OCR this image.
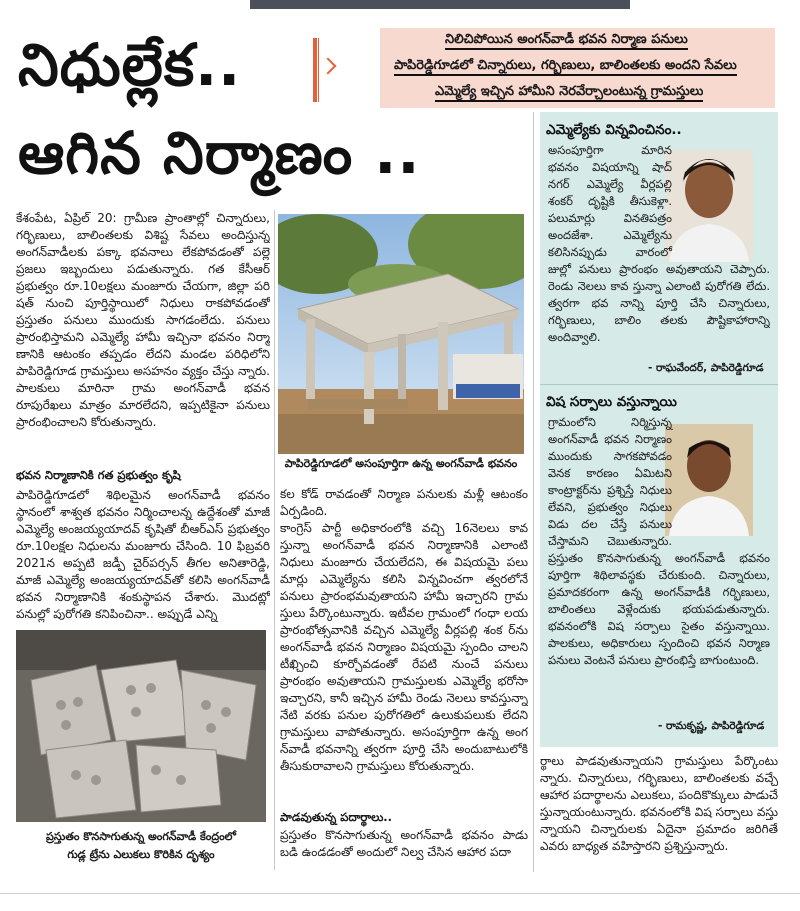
నిధుల్లేక..
ఆగిన నిర్మాణం ..
నిలిచిపోయిన అంగన్‌వాడీ భవన నిర్మాణ పనులు
పాపిరెడ్డిగూడలో చిన్నారులు, గర్భిణులు, బాలింతలకు అందని సేవలు
ఎమ్మెల్యే ఇచ్చిన హామీని నెరవేర్చాలంటున్న గ్రామస్తులు
కేశంపేట, ఏప్రిల్ 20: గ్రామీణ ప్రాంతాల్లో చిన్నారులు, గర్భిణులు, బాలింతలకు విశిష్ట సేవలు అందిస్తున్న అంగన్‌వాడీలకు పక్కా భవనాలు లేకపోవడంతో పల్లె ప్రజలు ఇబ్బందులు పడుతున్నారు. గత కేసీఆర్ ప్రభుత్వం రూ.10లక్షలు మంజూరు చేయగా, జిల్లా పరి షత్ నుంచి పూర్తిస్థాయిలో నిధులు రాకపోవడంతో ప్రస్తుతం పనులు ముందుకు సాగడంలేదు. పనులు ప్రారంభిస్తామని ఎమ్మెల్యే హామీ ఇచ్చినా భవనం నిర్మా ణానికి ఆటంకం తప్పడం లేదని మండల పరిధిలోని పాపిరెడ్డిగూడ గ్రామస్తులు అసహనం వ్యక్తం చేస్తు న్నారు. పాలకులు మారినా గ్రామ అంగన్‌వాడీ భవన రూపురేఖలు మాత్రం మారలేదని, ఇప్పటికైనా పనులు ప్రారంభించాలని కోరుతున్నారు.
పాపిరెడ్డిగూడలో అసంపూర్తిగా ఉన్న అంగన్‌వాడీ భవనం
భవన నిర్మాణానికి గత ప్రభుత్వం కృషి
పాపిరెడ్డిగూడలో శిథిలమైన అంగన్‌వాడీ భవనం స్థానంలో శాశ్వత భవనం నిర్మించాలన్న ఉద్దేశంతో మాజీ ఎమ్మెల్యే అంజయ్యయాదవ్ కృషితో బీఆర్‌ఎస్ ప్రభుత్వం రూ.10లక్షల నిధులను మంజూరు చేసింది. 10 ఫిబ్రవరి 2021న అప్పటి జడ్పీ చైర్‌పర్సన్ తీగల అనితారెడ్డి, మాజీ ఎమ్మెల్యే అంజయ్యయాదవ్‌తో కలిసి అంగన్‌వాడీ భవన నిర్మాణానికి శంకుస్థాపన చేశారు. మొదట్లో పనుల్లో పురోగతి కనిపించినా.. అప్పుడే ఎన్ని
ప్రస్తుతం కొనసాగుతున్న అంగన్‌వాడీ కేంద్రంలో
గుడ్ల ట్రేను ఎలుకలు కొరికిన దృశ్యం
కల కోడ్ రావడంతో నిర్మాణ పనులకు మళ్లీ ఆటంకం ఏర్పడింది.
కాంగ్రెస్ పార్టీ అధికారంలోకి వచ్చి 16నెలలు కావ స్తున్నా అంగన్‌వాడీ భవన నిర్మాణానికి ఎలాంటి నిధులు మంజూరు చేయలేదని, ఈ విషయమై పలు మార్లు ఎమ్మెల్యేను కలిసి విన్నవించగా త్వరలోనే పనులు ప్రారంభమవుతాయని హామీ ఇచ్చారని గ్రామ స్తులు పేర్కొంటున్నారు. ఇటీవల గ్రామంలో గంధా లయ ప్రారంభోత్సవానికి వచ్చిన ఎమ్మెల్యే వీర్లపల్లి శంక ర్‌ను అంగన్‌వాడీ భవన నిర్మాణం విషయమై స్పందిం చాలని టీఖ్చించి కూర్చోవడంతో రేపటి నుంచే పనులు ప్రారంభం అవుతాయని గ్రామస్తులకు ఎమ్మెల్యే భరోసా ఇచ్చారని, కానీ ఇచ్చిన హామీ రెండు నెలలు కావస్తున్నా నేటి వరకు పనుల పురోగతిలో ఉలుకుపలుకు లేదని గ్రామస్తులు వాపోతున్నారు. అసంపూర్తిగా ఉన్న అంగ న్‌వాడీ భవనాన్ని త్వరగా పూర్తి చేసి అందుబాటులోకి తీసుకురావాలని గ్రామస్తులు కోరుతున్నారు.
పాడవుతున్న పదార్థాలు..
ప్రస్తుతం కొనసాగుతున్న అంగన్‌వాడీ భవనం పాడు బడి ఉండడంతో అందులో నిల్వ చేసిన ఆహార పదా
ర్థాలు పాడవుతున్నాయని గ్రామస్తులు పేర్కొంటు న్నారు. చిన్నారులు, గర్భిణులు, బాలింతలకు వచ్చే ఆహార పదార్థాలను ఎలుకలు, పందికొక్కులు పాడుచే స్తున్నాయంటున్నారు. భవనంలోకి విష సర్పాలు వస్తు న్నాయని చిన్నారులకు ఏదైనా ప్రమాదం జరిగితే ఎవరు బాధ్యత వహిస్తారని ప్రశ్నిస్తున్నారు.
ఎమ్మెల్యేకు విన్నవించినం..
అసంపూర్తిగా మారిన భవనం విషయాన్ని షాద్ నగర్ ఎమ్మెల్యే వీర్లపల్లి శంకర్ దృష్టికి తీసుకెళ్లా. పలుమార్లు వినతిపత్రం అందజేశా. ఎమ్మెల్యేను కలిసినప్పుడు వారంలో జుల్లో పనులు ప్రారంభం అవుతాయని చెప్పారు. రెండు నెలలు కావ స్తున్నా ఎలాంటి పురోగతి లేదు. త్వరగా భవ నాన్ని పూర్తి చేసి చిన్నారులు, గర్భిణులు, బాలిం తలకు పౌష్టికాహారాన్ని అందివ్వాలి.
- రాఘవేందర్, పాపిరెడ్డిగూడ
విష సర్పాలు వస్తున్నాయి
గ్రామంలోని నిర్మిస్తున్న అంగన్‌వాడీ భవన నిర్మాణం ముందుకు సాగకపోవడం వెనక కారణం ఏమిటని కాంట్రాక్టర్‌ను ప్రశ్నిస్తే నిధులు లేవని, ప్రభుత్వం నిధులు విడు దల చేస్తే పనులు చేస్తామని చెబుతున్నారు. ప్రస్తుతం కొనసాగుతున్న అంగన్‌వాడీ భవనం పూర్తిగా శిథిలావస్థకు చేరుకుంది. చిన్నారులు, ప్రమాదకరంగా ఉన్న అంగన్‌వాడీకి గర్భిణులు, బాలింతలు వెళ్లేందుకు భయపడుతున్నారు. భవనంలోకి విష సర్పాలు సైతం వస్తున్నాయి. పాలకులు, అధికారులు స్పందించి భవన నిర్మాణ పనులు వెంటనే పనులు ప్రారంభిస్తే బాగుంటుంది.
- రామకృష్ణ, పాపిరెడ్డిగూడ
